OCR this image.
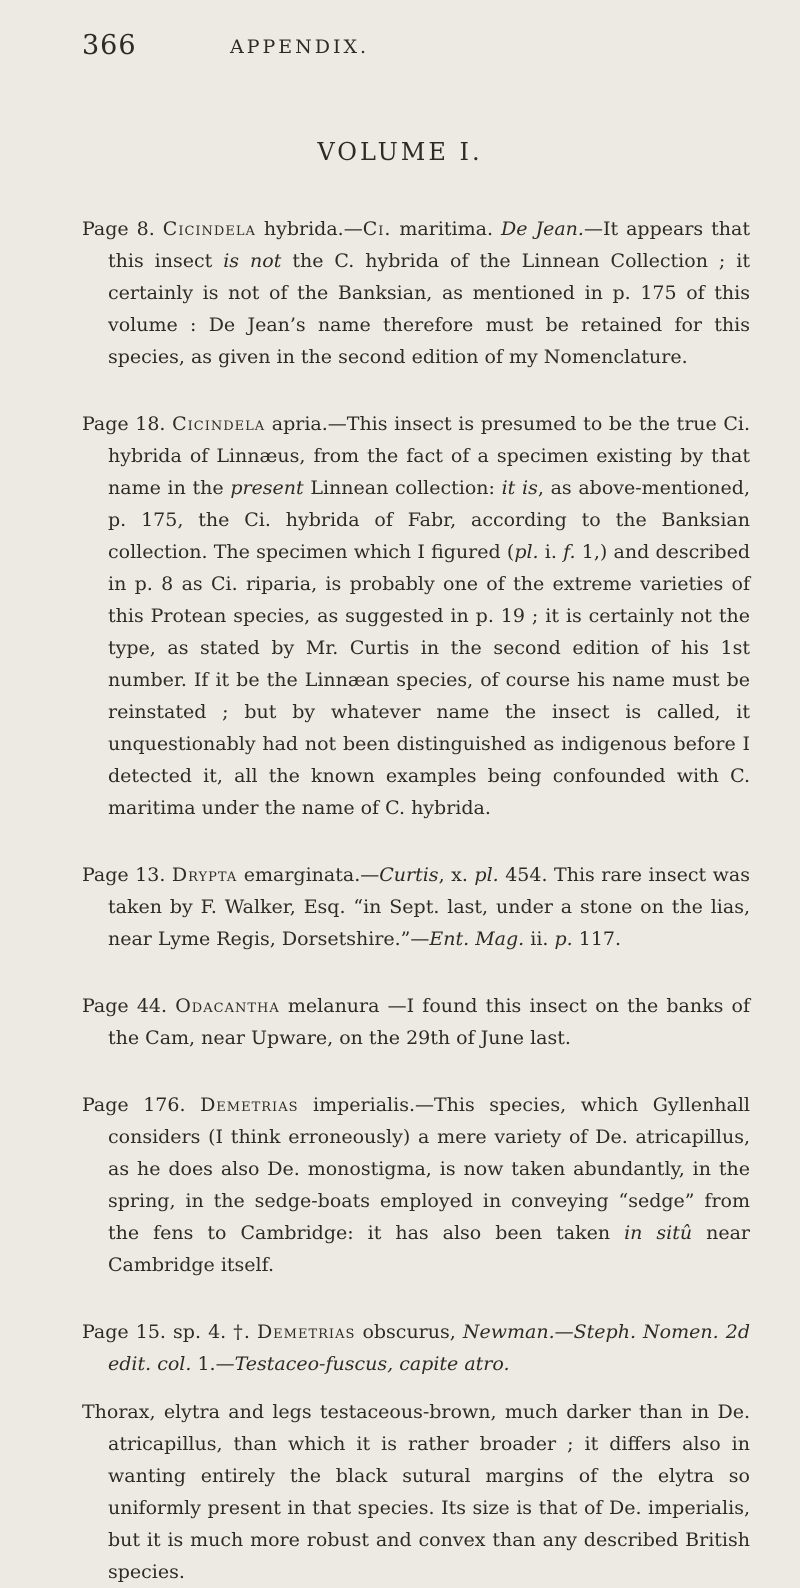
366	APPENDIX.
VOLUME I.

Page 8. Cicindela hybrida.—Ci. maritima. De Jean.—It appears that this insect is not the C. hybrida of the Linnean Collection ; it certainly is not of the Banksian, as mentioned in p. 175 of this volume : De Jean’s name therefore must be retained for this species, as given in the second edition of my Nomenclature.

Page 18. Cicindela apria.—This insect is presumed to be the true Ci. hybrida of Linnæus, from the fact of a specimen existing by that name in the present Linnean collection: it is, as above-mentioned, p. 175, the Ci. hybrida of Fabr, according to the Banksian collection. The specimen which I figured (pl. i. f. 1,) and described in p. 8 as Ci. riparia, is probably one of the extreme varieties of this Protean species, as suggested in p. 19 ; it is certainly not the type, as stated by Mr. Curtis in the second edition of his 1st number. If it be the Linnæan species, of course his name must be reinstated ; but by whatever name the insect is called, it unquestionably had not been distinguished as indigenous before I detected it, all the known examples being confounded with C. maritima under the name of C. hybrida.

Page 13. Drypta emarginata.—Curtis, x. pl. 454. This rare insect was taken by F. Walker, Esq. “in Sept. last, under a stone on the lias, near Lyme Regis, Dorsetshire.”—Ent. Mag. ii. p. 117.

Page 44. Odacantha melanura —I found this insect on the banks of the Cam, near Upware, on the 29th of June last.

Page 176. Demetrias imperialis.—This species, which Gyllenhall considers (I think erroneously) a mere variety of De. atricapillus, as he does also De. monostigma, is now taken abundantly, in the spring, in the sedge-boats employed in conveying “sedge” from the fens to Cambridge: it has also been taken in sitû near Cambridge itself.

Page 15. sp. 4. †. Demetrias obscurus, Newman.—Steph. Nomen. 2d edit. col. 1.—Testaceo-fuscus, capite atro.

Thorax, elytra and legs testaceous-brown, much darker than in De. atricapillus, than which it is rather broader ; it differs also in wanting entirely the black sutural margins of the elytra so uniformly present in that species. Its size is that of De. imperialis, but it is much more robust and convex than any described British species.
